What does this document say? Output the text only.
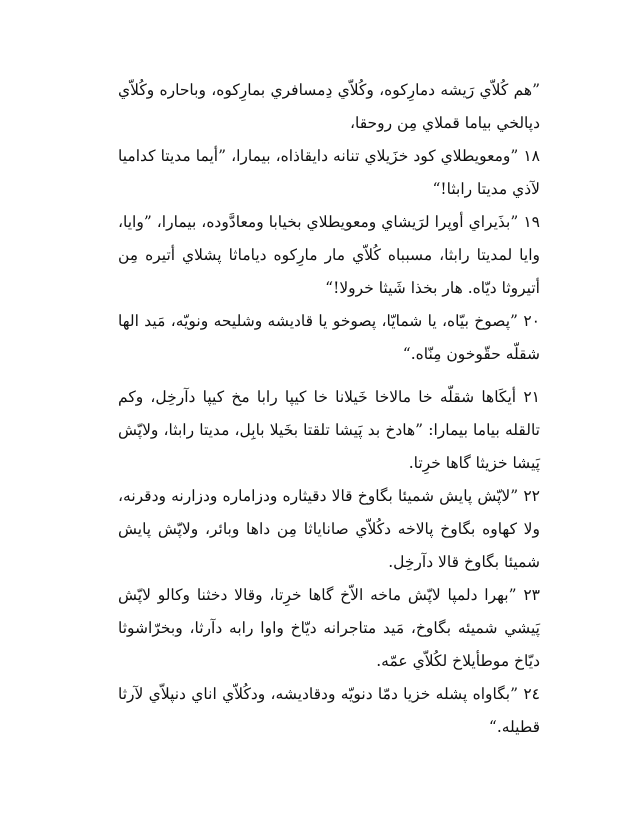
”هم كُلاّي رَيشه دمارِكوه، وكُلاّي دِمسافري بمارِكوه، وباحاره وكُلاّي دپالخي بياما قملاي مِن روحقا،

١٨ ”ومعويطلاي كود خزَيلاي تنانه دايقاذاه، بيمارا، ”أيما مديتا كداميا لآذي مديتا رابثا!“

١٩ ”بذَيراي أوپرا لرَيشاي ومعويطلاي بخيابا ومعادَّوده، بيمارا، ”وايا، وايا لمديتا رابثا، مسبباه كُلاّي مار مارِكوه دياماثا پشلاي أتيره مِن أتيروثا ديّاه. هار بخذا شَيثا خرولا!“

٢٠ ”پصوخ بيّاه، يا شمايّا، پصوخو يا قاديشه وشليحه ونويّه، مَيد الها شقلّه حقّوخون مِنّاه.“

٢١ أيكَاها شقلّه خا مالاخا خَيلانا خا كيپا رابا مخ كيپا دآرخِل، وكم تالقله بياما بيمارا: ”هادخ بد پَيشا تلقتا بخَيلا بابِل، مديتا رابثا، ولاپّش پَيشا خزيثا گاها خرِتا.

٢٢ ”لاپّش پايش شميئا بگاوخ قالا دقيثاره ودزاماره ودزارنه ودقرنه، ولا كهاوه بگاوخ پالاخه دكُلاّي صاناياثا مِن داها وبائر، ولاپّش پايش شميئا بگاوخ قالا دآرخِل.

٢٣ ”بهرا دلمپا لاپّش ماخه الاّخ گاها خرِتا، وقالا دخثنا وكالو لاپّش پَيشي شميئه بگاوخ، مَيد متاجرانه ديّاخ واوا رابه دآرثا، وبخرّاشوثا ديّاخ موطأيلاخ لكُلاّي عمّه.

٢٤ ”بگاواه پشله خزيا دمّا دنويّه ودقاديشه، ودكُلاّي اناي دنپلاّي لآرثا قطيله.“
